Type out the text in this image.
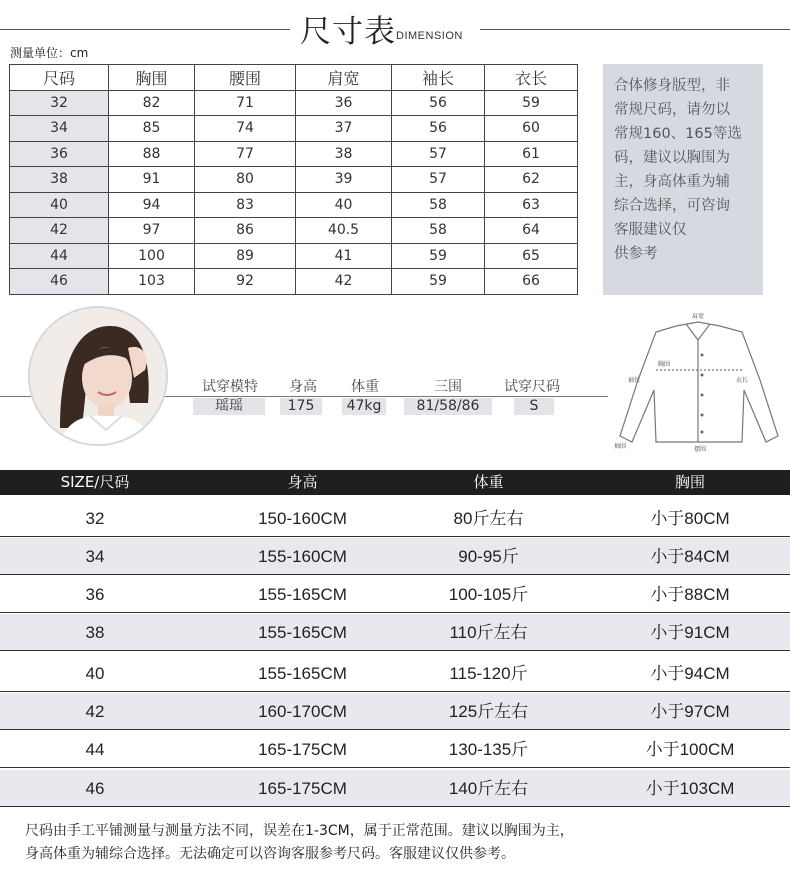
尺寸表 DIMENSION
测量单位：cm
尺码	胸围	腰围	肩宽	袖长	衣长
32	82	71	36	56	59
34	85	74	37	56	60
36	88	77	38	57	61
38	91	80	39	57	62
40	94	83	40	58	63
42	97	86	40.5	58	64
44	100	89	41	59	65
46	103	92	42	59	66
合体修身版型，非
常规尺码，请勿以
常规160、165等选
码，建议以胸围为
主，身高体重为辅
综合选择，可咨询
客服建议仅
供参考
试穿模特	身高	体重	三围	试穿尺码
瑶瑶	175	47kg	81/58/86	S
肩宽
袖长
胸围
衣长
袖围	摆围
SIZE/尺码	身高	体重	胸围
32	150-160CM	80斤左右	小于80CM
34	155-160CM	90-95斤	小于84CM
36	155-165CM	100-105斤	小于88CM
38	155-165CM	110斤左右	小于91CM
40	155-165CM	115-120斤	小于94CM
42	160-170CM	125斤左右	小于97CM
44	165-175CM	130-135斤	小于100CM
46	165-175CM	140斤左右	小于103CM
尺码由手工平铺测量与测量方法不同，误差在1-3CM，属于正常范围。建议以胸围为主，
身高体重为辅综合选择。无法确定可以咨询客服参考尺码。客服建议仅供参考。
